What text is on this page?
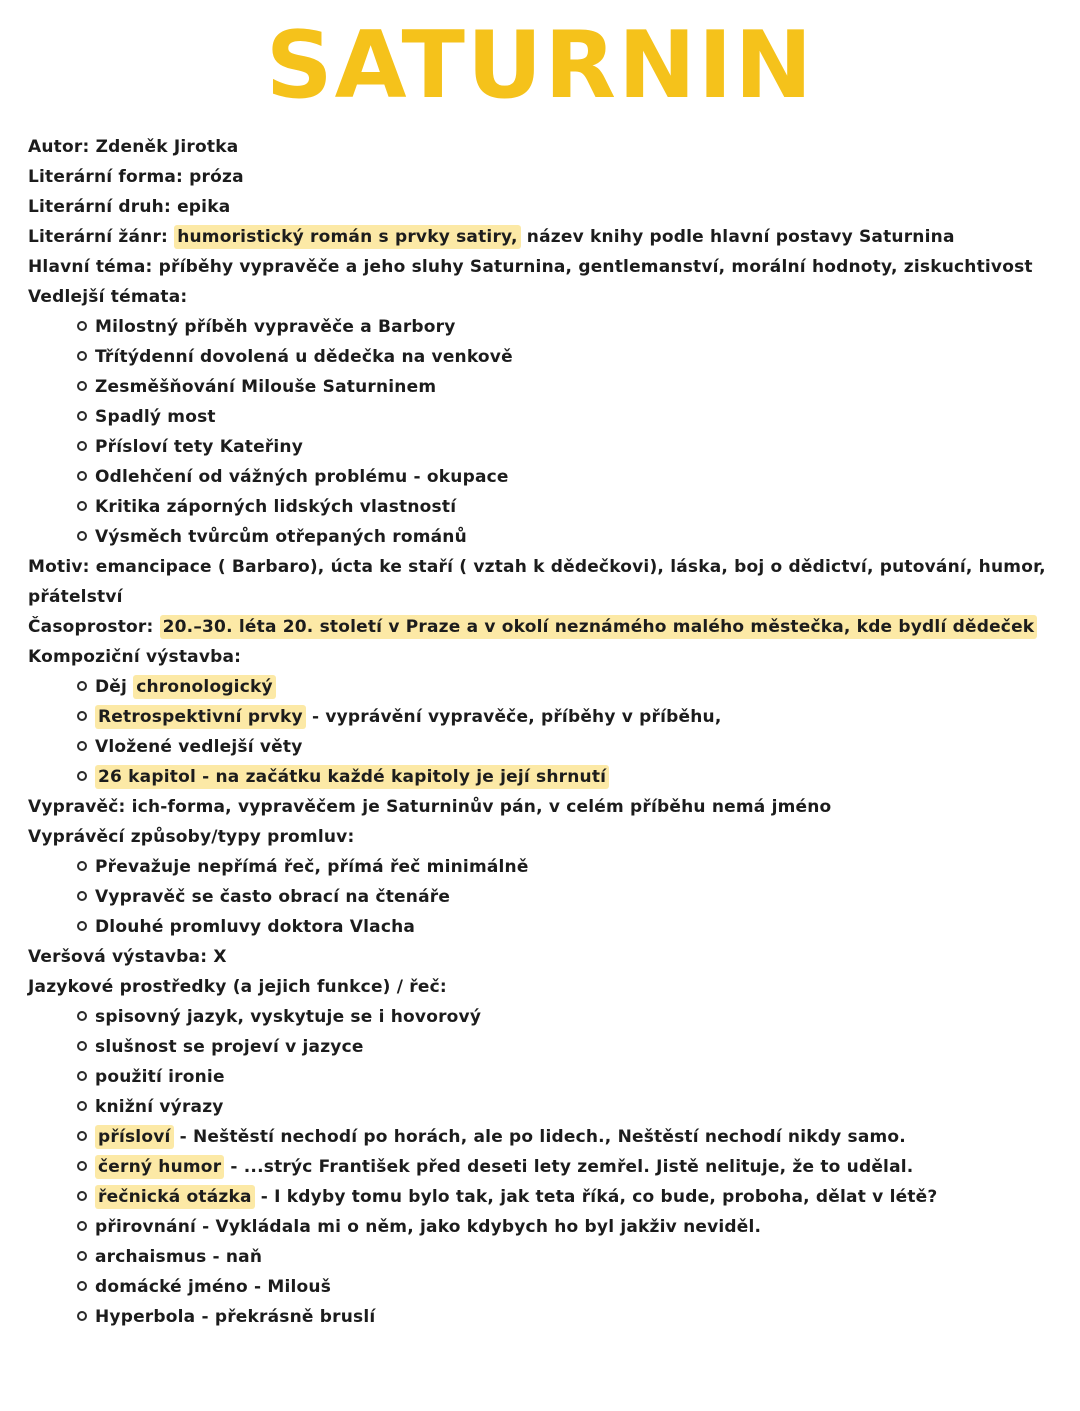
SATURNIN
Autor: Zdeněk Jirotka
Literární forma: próza
Literární druh: epika
Literární žánr: humoristický román s prvky satiry, název knihy podle hlavní postavy Saturnina
Hlavní téma: příběhy vypravěče a jeho sluhy Saturnina, gentlemanství, morální hodnoty, ziskuchtivost
Vedlejší témata:
Milostný příběh vypravěče a Barbory
Třítýdenní dovolená u dědečka na venkově
Zesměšňování Milouše Saturninem
Spadlý most
Přísloví tety Kateřiny
Odlehčení od vážných problému - okupace
Kritika záporných lidských vlastností
Výsměch tvůrcům otřepaných románů
Motiv: emancipace ( Barbaro), úcta ke staří ( vztah k dědečkovi), láska, boj o dědictví, putování, humor, přátelství
Časoprostor: 20.–30. léta 20. století v Praze a v okolí neznámého malého městečka, kde bydlí dědeček
Kompoziční výstavba:
Děj chronologický
Retrospektivní prvky - vyprávění vypravěče, příběhy v příběhu,
Vložené vedlejší věty
26 kapitol - na začátku každé kapitoly je její shrnutí
Vypravěč: ich-forma, vypravěčem je Saturninův pán, v celém příběhu nemá jméno
Vyprávěcí způsoby/typy promluv:
Převažuje nepřímá řeč, přímá řeč minimálně
Vypravěč se často obrací na čtenáře
Dlouhé promluvy doktora Vlacha
Veršová výstavba: X
Jazykové prostředky (a jejich funkce) / řeč:
spisovný jazyk, vyskytuje se i hovorový
slušnost se projeví v jazyce
použití ironie
knižní výrazy
přísloví - Neštěstí nechodí po horách, ale po lidech., Neštěstí nechodí nikdy samo.
černý humor - ...strýc František před deseti lety zemřel. Jistě nelituje, že to udělal.
řečnická otázka - I kdyby tomu bylo tak, jak teta říká, co bude, proboha, dělat v létě?
přirovnání - Vykládala mi o něm, jako kdybych ho byl jakživ neviděl.
archaismus - naň
domácké jméno - Milouš
Hyperbola - překrásně bruslí
